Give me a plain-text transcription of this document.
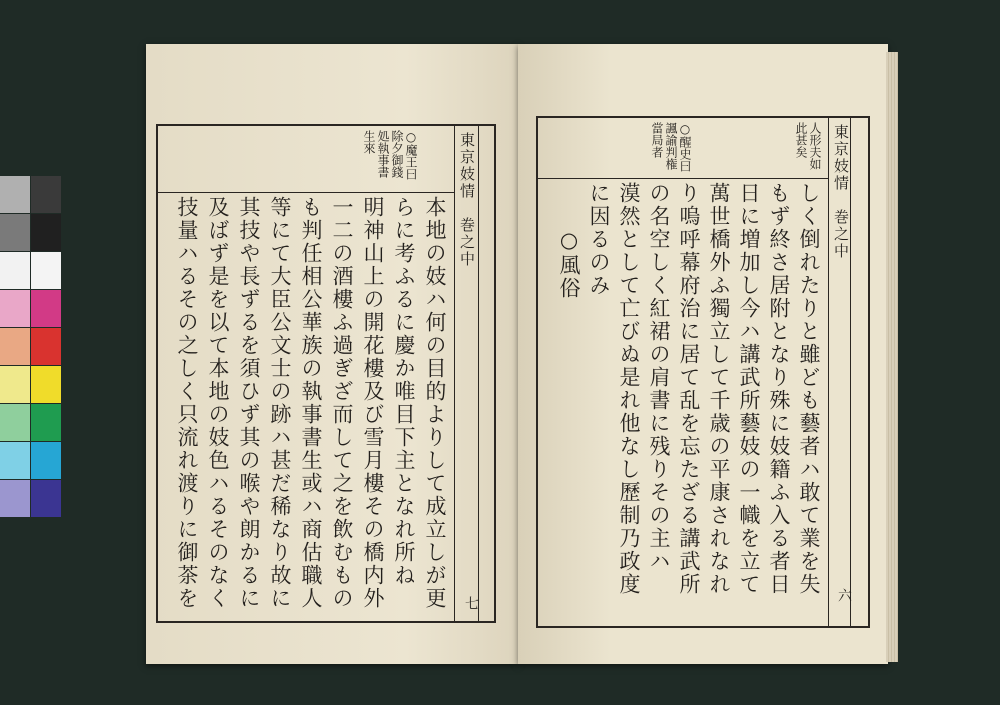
東京妓情　巻之中
○魔王曰
除夕御錢
処執事書
生來
本地の妓ハ何の目的よりして成立しが更
らに考ふるに慶か唯目下主となれ所ね
明神山上の開花樓及び雪月樓その橋内外
一二の酒樓ふ過ぎざ而して之を飲むもの
も判任相公華族の執事書生或ハ商估職人
等にて大臣公文士の跡ハ甚だ稀なり故に
其技や長ずるを須ひず其の喉や朗かるに
及ばず是を以て本地の妓色ハるそのなく
技量ハるその之しく只流れ渡りに御茶を	七
東京妓情　巻之中
人形夫如
此甚矣
○醒史曰
諷諭判権
當局者
しく倒れたりと雖ども藝者ハ敢て業を失
もず終さ居附となり殊に妓籍ふ入る者日
日に増加し今ハ講武所藝妓の一幟を立て
萬世橋外ふ獨立して千歳の平康されなれ
り嗚呼幕府治に居て乱を忘たざる講武所
の名空しく紅裙の肩書に残りその主ハ
漠然として亡びぬ是れ他なし歷制乃政度
に因るのみ
○風俗
六
